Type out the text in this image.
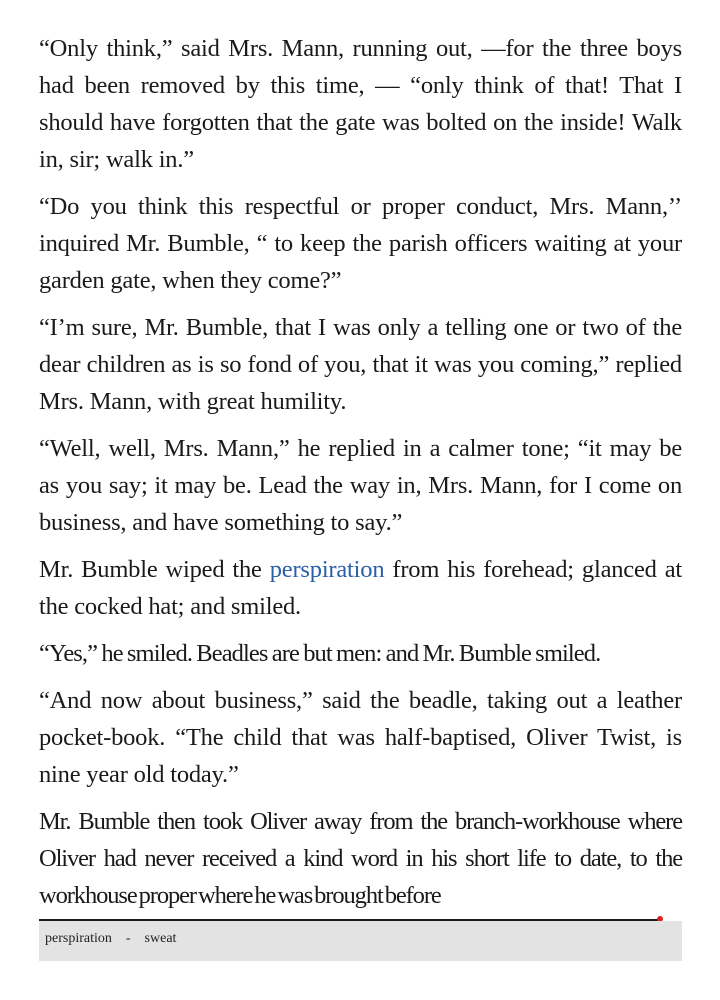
“Only think,” said Mrs. Mann, running out, —for the three boys had been removed by this time, — “only think of that! That I should have forgotten that the gate was bolted on the inside! Walk in, sir; walk in.”

“Do you think this respectful or proper conduct, Mrs. Mann,’’ inquired Mr. Bumble, “ to keep the parish officers waiting at your garden gate, when they come?”

“I’m sure, Mr. Bumble, that I was only a telling one or two of the dear children as is so fond of you, that it was you coming,” replied Mrs. Mann, with great humility.

“Well, well, Mrs. Mann,” he replied in a calmer tone; “it may be as you say; it may be. Lead the way in, Mrs. Mann, for I come on business, and have something to say.”

Mr. Bumble wiped the perspiration from his forehead; glanced at the cocked hat; and smiled.

“Yes,” he smiled. Beadles are but men: and Mr. Bumble smiled.

“And now about business,” said the beadle, taking out a leather pocket-book. “The child that was half-baptised, Oliver Twist, is nine year old today.”

Mr. Bumble then took Oliver away from the branch-workhouse where Oliver had never received a kind word in his short life to date, to the workhouse proper where he was brought before

perspiration - sweat
